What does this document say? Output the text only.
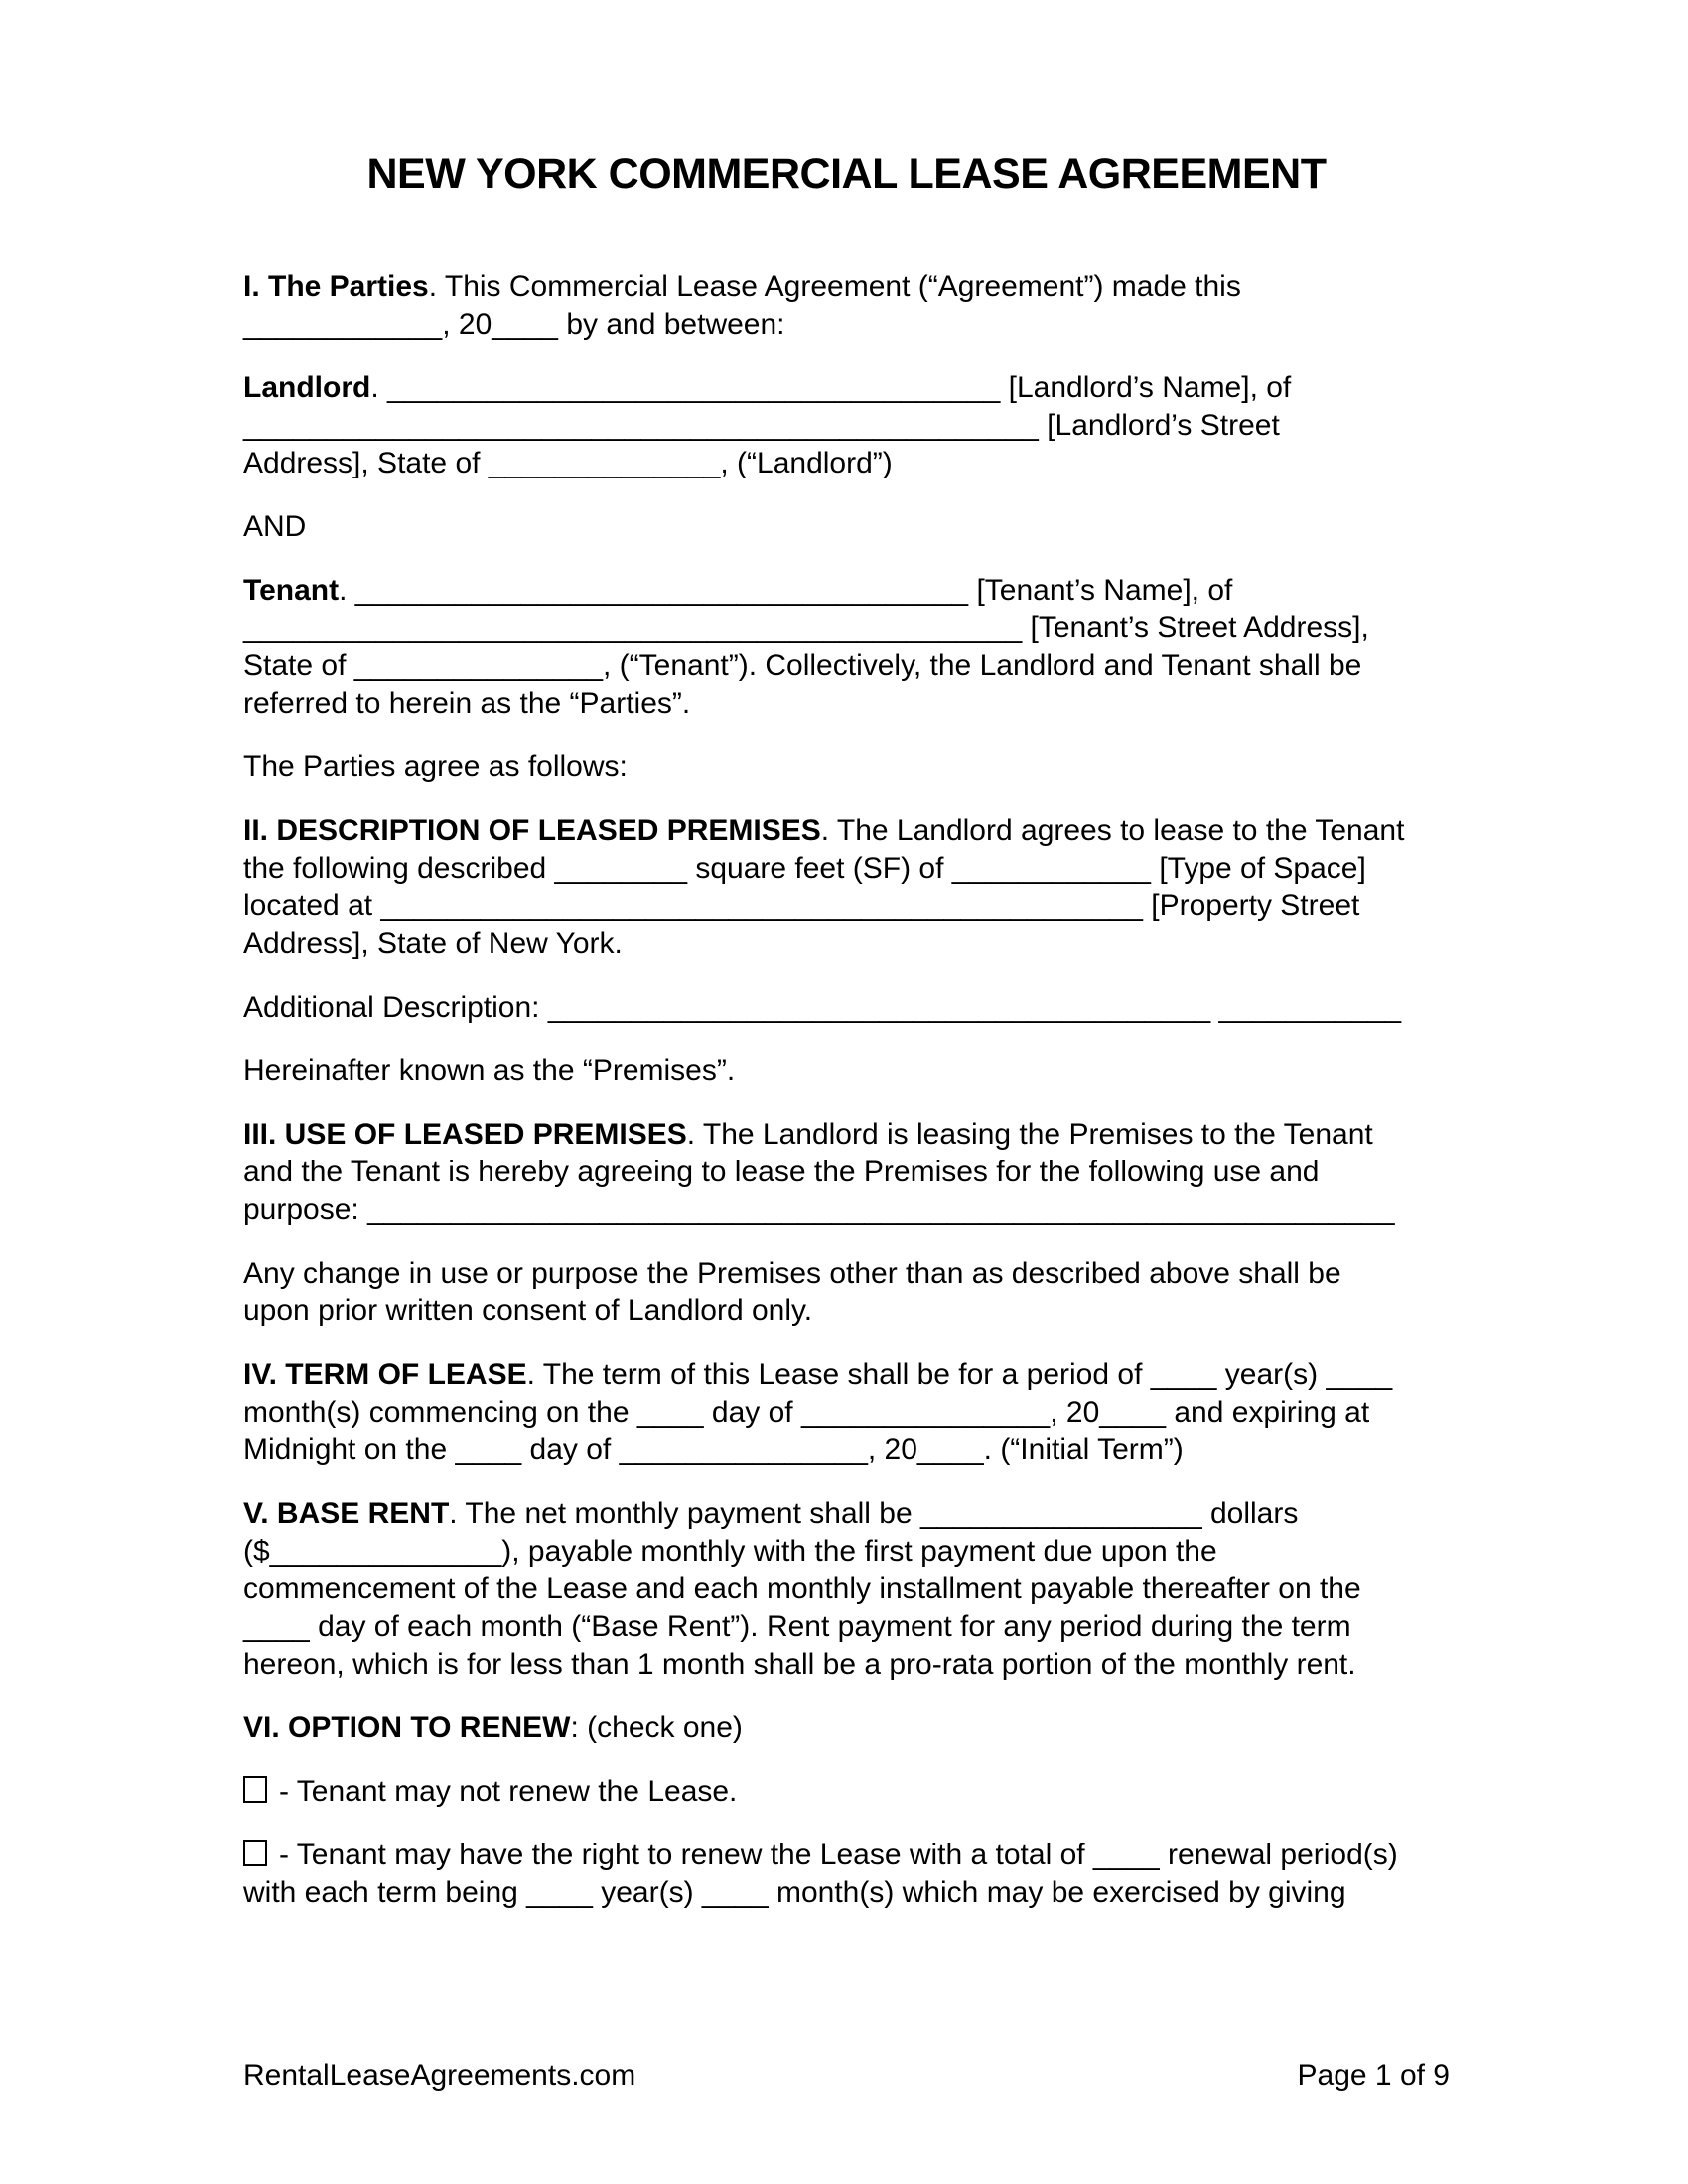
NEW YORK COMMERCIAL LEASE AGREEMENT
I. The Parties. This Commercial Lease Agreement (“Agreement”) made this
____________, 20____ by and between:
Landlord. _____________________________________ [Landlord’s Name], of
________________________________________________ [Landlord’s Street
Address], State of ______________, (“Landlord”)
AND
Tenant. _____________________________________ [Tenant’s Name], of
_______________________________________________ [Tenant’s Street Address],
State of _______________, (“Tenant”). Collectively, the Landlord and Tenant shall be
referred to herein as the “Parties”.
The Parties agree as follows:
II. DESCRIPTION OF LEASED PREMISES. The Landlord agrees to lease to the Tenant
the following described ________ square feet (SF) of ____________ [Type of Space]
located at ______________________________________________ [Property Street
Address], State of New York.
Additional Description: ________________________________________ ___________
Hereinafter known as the “Premises”.
III. USE OF LEASED PREMISES. The Landlord is leasing the Premises to the Tenant
and the Tenant is hereby agreeing to lease the Premises for the following use and
purpose: ______________________________________________________________
Any change in use or purpose the Premises other than as described above shall be
upon prior written consent of Landlord only.
IV. TERM OF LEASE. The term of this Lease shall be for a period of ____ year(s) ____
month(s) commencing on the ____ day of _______________, 20____ and expiring at
Midnight on the ____ day of _______________, 20____. (“Initial Term”)
V. BASE RENT. The net monthly payment shall be _________________ dollars
($______________), payable monthly with the first payment due upon the
commencement of the Lease and each monthly installment payable thereafter on the
____ day of each month (“Base Rent”). Rent payment for any period during the term
hereon, which is for less than 1 month shall be a pro-rata portion of the monthly rent.
VI. OPTION TO RENEW: (check one)
- Tenant may not renew the Lease.
- Tenant may have the right to renew the Lease with a total of ____ renewal period(s)
with each term being ____ year(s) ____ month(s) which may be exercised by giving
RentalLeaseAgreements.com	Page 1 of 9
